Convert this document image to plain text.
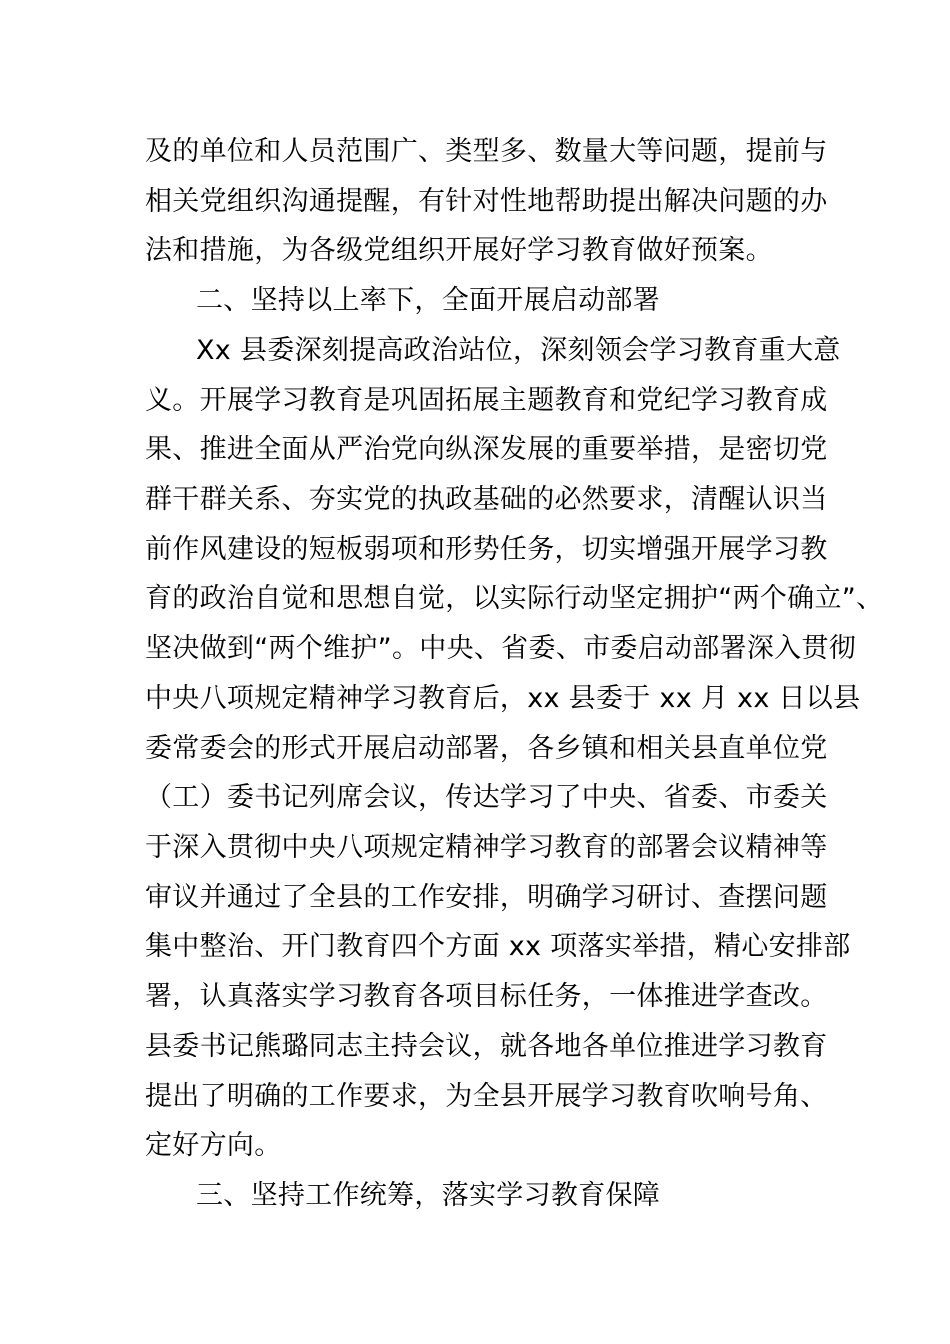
及的单位和人员范围广、类型多、数量大等问题，提前与
相关党组织沟通提醒，有针对性地帮助提出解决问题的办
法和措施，为各级党组织开展好学习教育做好预案。
二、坚持以上率下，全面开展启动部署
Xx 县委深刻提高政治站位，深刻领会学习教育重大意
义。开展学习教育是巩固拓展主题教育和党纪学习教育成
果、推进全面从严治党向纵深发展的重要举措，是密切党
群干群关系、夯实党的执政基础的必然要求，清醒认识当
前作风建设的短板弱项和形势任务，切实增强开展学习教
育的政治自觉和思想自觉，以实际行动坚定拥护“两个确立”、
坚决做到“两个维护”。中央、省委、市委启动部署深入贯彻
中央八项规定精神学习教育后，xx 县委于 xx 月 xx 日以县
委常委会的形式开展启动部署，各乡镇和相关县直单位党
（工）委书记列席会议，传达学习了中央、省委、市委关
于深入贯彻中央八项规定精神学习教育的部署会议精神等
审议并通过了全县的工作安排，明确学习研讨、查摆问题
集中整治、开门教育四个方面 xx 项落实举措，精心安排部
署，认真落实学习教育各项目标任务，一体推进学查改。
县委书记熊璐同志主持会议，就各地各单位推进学习教育
提出了明确的工作要求，为全县开展学习教育吹响号角、
定好方向。
三、坚持工作统筹，落实学习教育保障
